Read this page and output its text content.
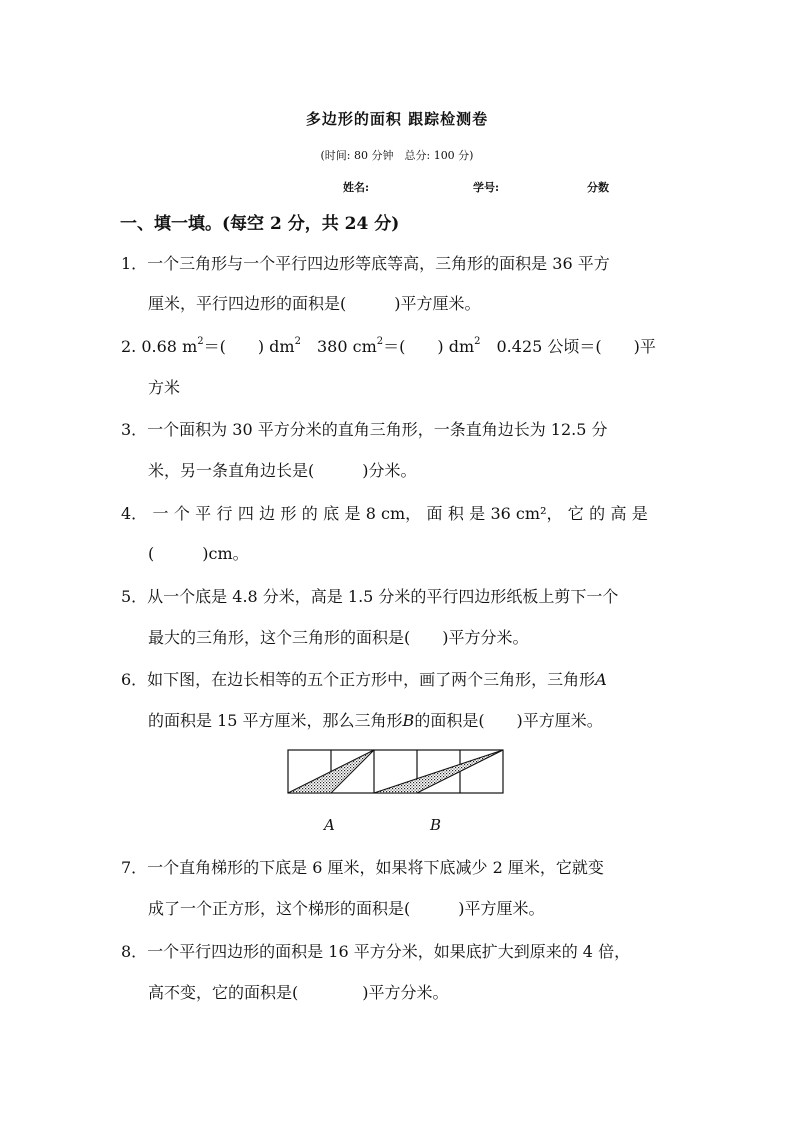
多边形的面积 跟踪检测卷
(时间: 80 分钟　总分: 100 分)
姓名:	学号:	分数
一、填一填。(每空 2 分，共 24 分)
1．一个三角形与一个平行四边形等底等高，三角形的面积是 36 平方
厘米，平行四边形的面积是(　　　)平方厘米。
2. 0.68 $m^2=$(　　) $dm^2$　380 $cm^2=$(　　) $dm^2$　0.425 公顷＝(　　)平
方米
3．一个面积为 30 平方分米的直角三角形，一条直角边长为 12.5 分
米，另一条直角边长是(　　　)分米。
4． 一 个 平 行 四 边 形 的 底 是 8 cm， 面 积 是 36 cm²， 它 的 高 是
(　　　)cm。
5．从一个底是 4.8 分米，高是 1.5 分米的平行四边形纸板上剪下一个
最大的三角形，这个三角形的面积是(　　)平方分米。
6．如下图，在边长相等的五个正方形中，画了两个三角形，三角形A
的面积是 15 平方厘米，那么三角形B的面积是(　　)平方厘米。
A	B
7．一个直角梯形的下底是 6 厘米，如果将下底减少 2 厘米，它就变
成了一个正方形，这个梯形的面积是(　　　)平方厘米。
8．一个平行四边形的面积是 16 平方分米，如果底扩大到原来的 4 倍，
高不变，它的面积是(　　　　)平方分米。
